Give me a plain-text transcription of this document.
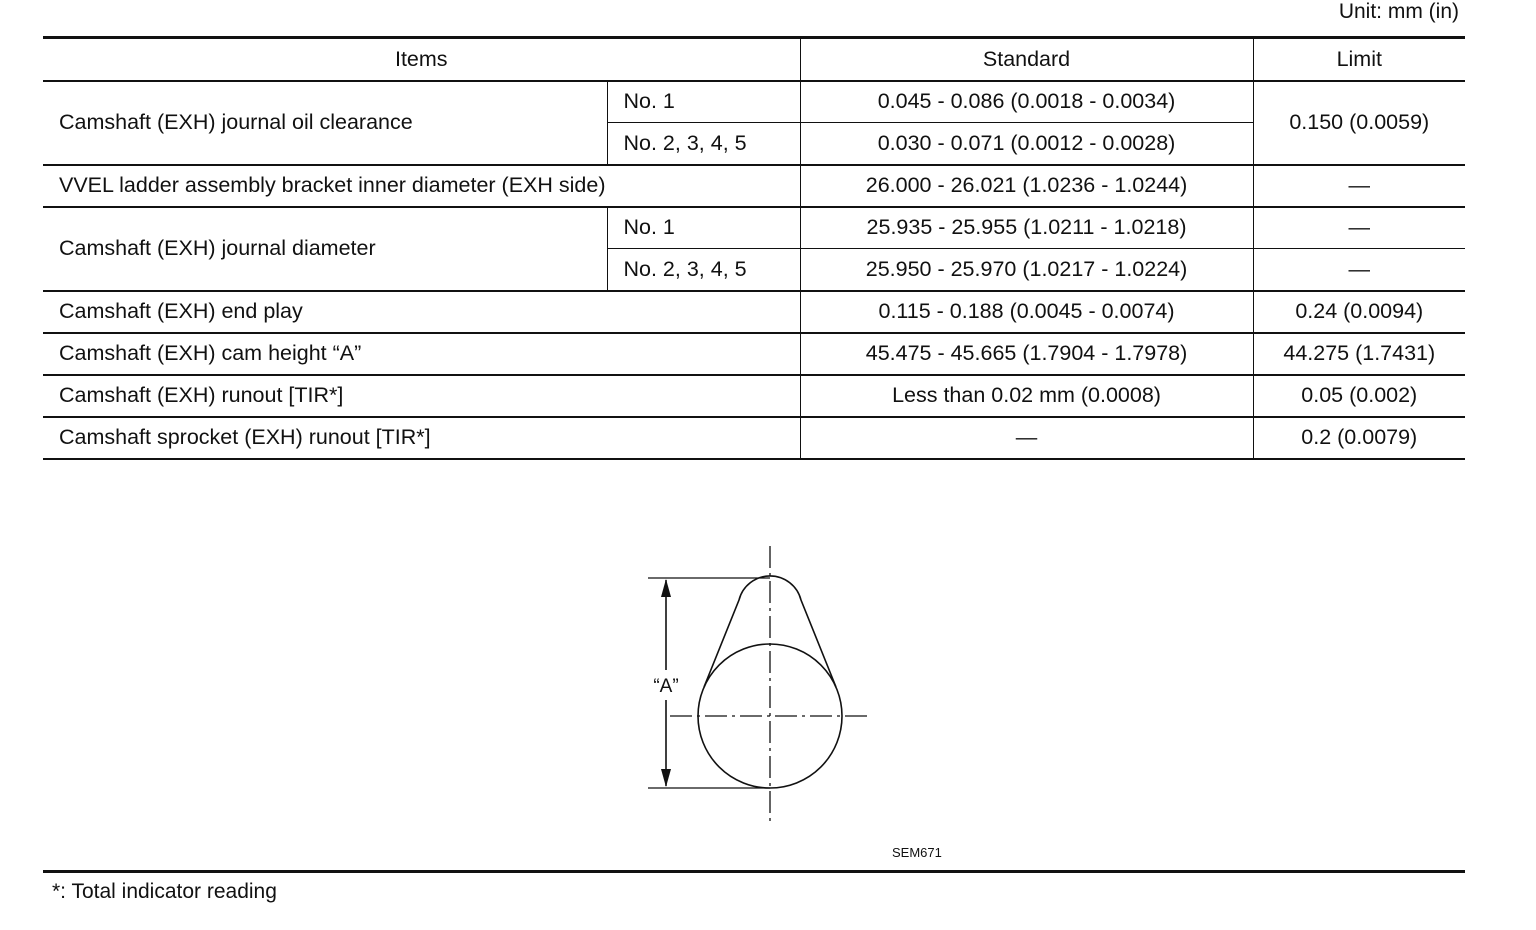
Unit: mm (in)
Items		Standard	Limit
Camshaft (EXH) journal oil clearance	No. 1	0.045 - 0.086 (0.0018 - 0.0034)	0.150 (0.0059)
	No. 2, 3, 4, 5	0.030 - 0.071 (0.0012 - 0.0028)	
VVEL ladder assembly bracket inner diameter (EXH side)		26.000 - 26.021 (1.0236 - 1.0244)	—
Camshaft (EXH) journal diameter	No. 1	25.935 - 25.955 (1.0211 - 1.0218)	—
	No. 2, 3, 4, 5	25.950 - 25.970 (1.0217 - 1.0224)	—
Camshaft (EXH) end play		0.115 - 0.188 (0.0045 - 0.0074)	0.24 (0.0094)
Camshaft (EXH) cam height “A”		45.475 - 45.665 (1.7904 - 1.7978)	44.275 (1.7431)
Camshaft (EXH) runout [TIR*]		Less than 0.02 mm (0.0008)	0.05 (0.002)
Camshaft sprocket (EXH) runout [TIR*]		—	0.2 (0.0079)
“A”
SEM671
*: Total indicator reading
